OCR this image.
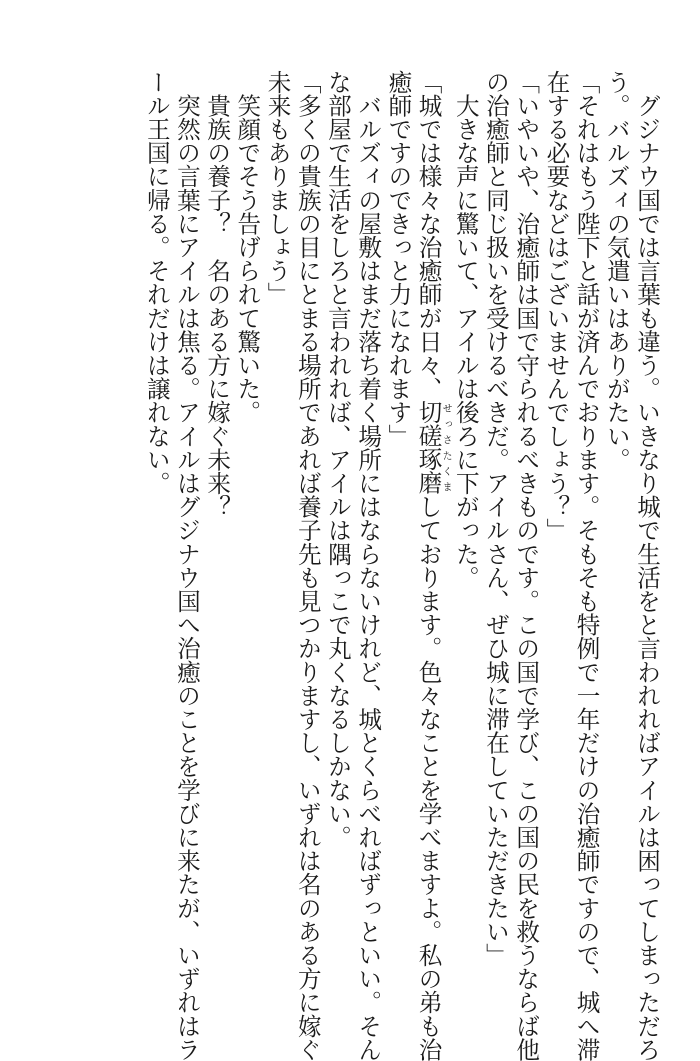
　グジナウ国では言葉も違う。いきなり城で生活をと言われればアイルは困ってしまっただろ
う。バルズィの気遣いはありがたい。
「それはもう陛下と話が済んでおります。そもそも特例で一年だけの治癒師ですので、城へ滞
在する必要などはございませんでしょう？」
「いやいや、治癒師は国で守られるべきものです。この国で学び、この国の民を救うならば他
の治癒師と同じ扱いを受けるべきだ。アイルさん、ぜひ城に滞在していただきたい」
　大きな声に驚いて、アイルは後ろに下がった。
「城では様々な治癒師が日々、切磋琢磨せっさたくましております。色々なことを学べますよ。私の弟も治
癒師ですのできっと力になれます」
　バルズィの屋敷はまだ落ち着く場所にはならないけれど、城とくらべればずっといい。そん
な部屋で生活をしろと言われれば、アイルは隅っこで丸くなるしかない。
「多くの貴族の目にとまる場所であれば養子先も見つかりますし、いずれは名のある方に嫁ぐ
未来もありましょう」
　笑顔でそう告げられて驚いた。
　貴族の養子？　名のある方に嫁ぐ未来？
　突然の言葉にアイルは焦る。アイルはグジナウ国へ治癒のことを学びに来たが、いずれはラ
ール王国に帰る。それだけは譲れない。
